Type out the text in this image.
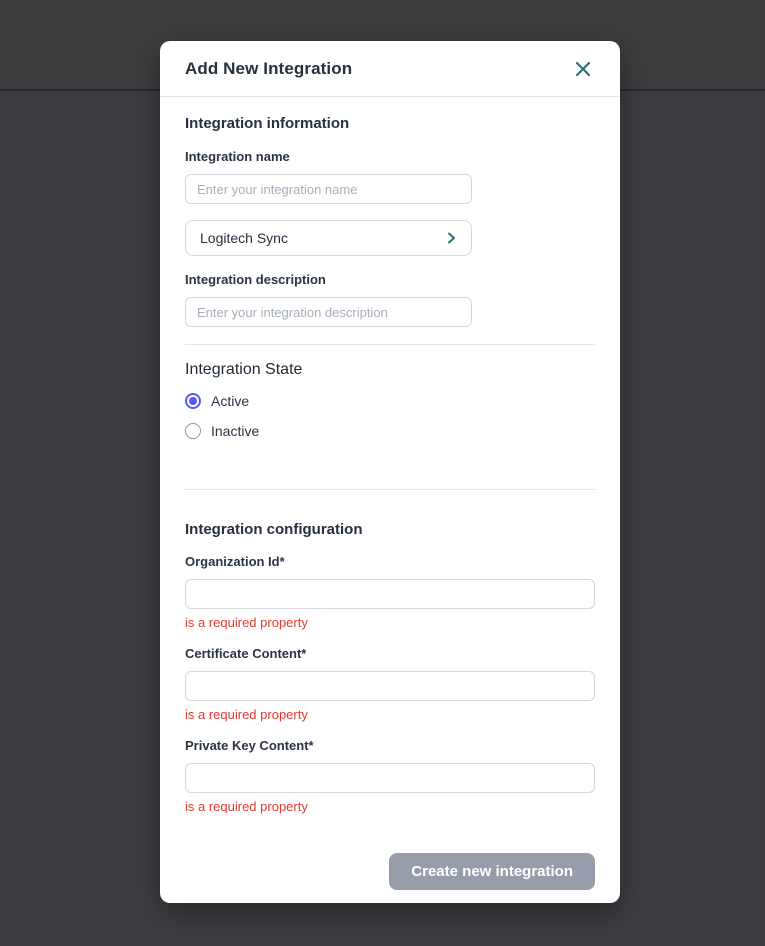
Add New Integration
Integration information
Integration name
Enter your integration name
Logitech Sync
Integration description
Enter your integration description
Integration State
Active
Inactive
Integration configuration
Organization Id*
is a required property
Certificate Content*
is a required property
Private Key Content*
is a required property
Create new integration
